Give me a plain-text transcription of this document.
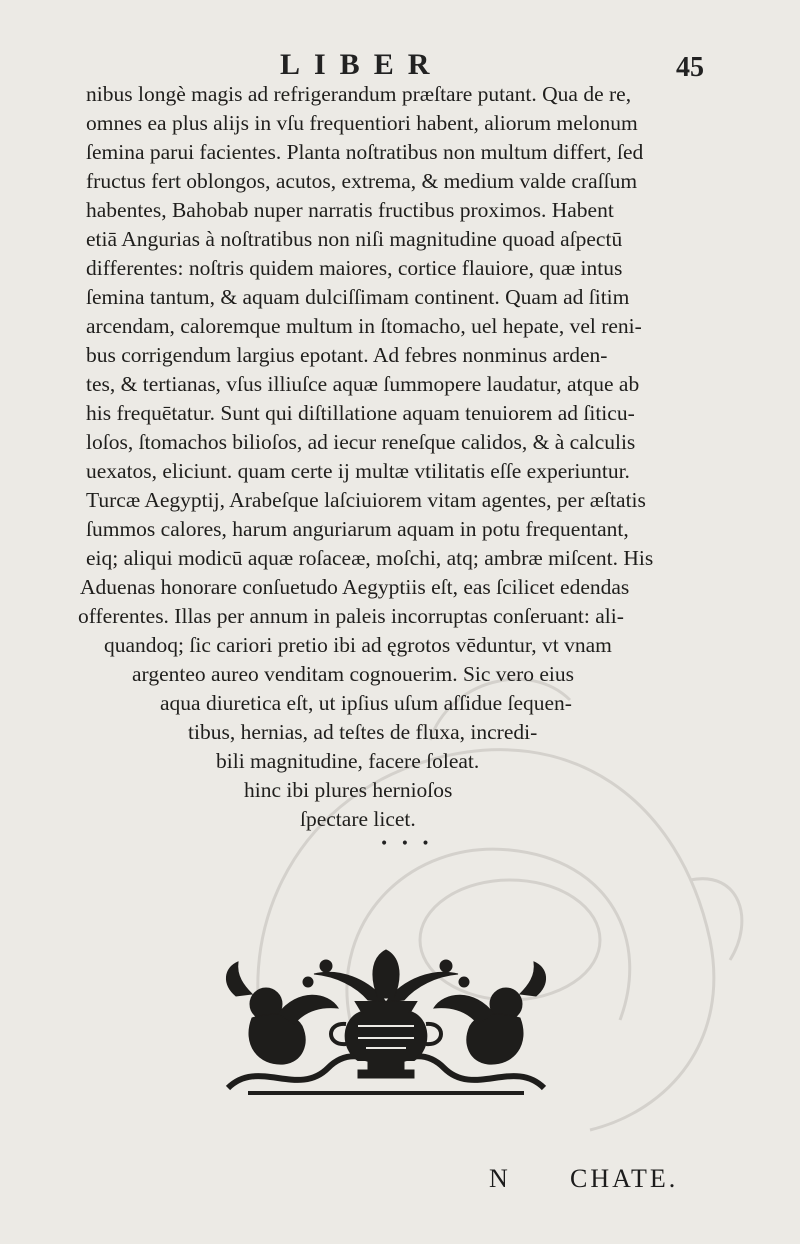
LIBER	45
nibus longè magis ad refrigerandum præſtare putant. Qua de re,
omnes ea plus alijs in vſu frequentiori habent, aliorum melonum
ſemina parui facientes. Planta noſtratibus non multum differt, ſed
fructus fert oblongos, acutos, extrema, & medium valde craſſum
habentes, Bahobab nuper narratis fructibus proximos. Habent
etiā Angurias à noſtratibus non niſi magnitudine quoad aſpectū
differentes: noſtris quidem maiores, cortice flauiore, quæ intus
ſemina tantum, & aquam dulciſſimam continent. Quam ad ſitim
arcendam, caloremque multum in ſtomacho, uel hepate, vel reni-
bus corrigendum largius epotant. Ad febres nonminus arden-
tes, & tertianas, vſus illiuſce aquæ ſummopere laudatur, atque ab
his frequētatur. Sunt qui diſtillatione aquam tenuiorem ad ſiticu-
loſos, ſtomachos bilioſos, ad iecur reneſque calidos, & à calculis
uexatos, eliciunt. quam certe ij multæ vtilitatis eſſe experiuntur.
Turcæ Aegyptij, Arabeſque laſciuiorem vitam agentes, per æſtatis
ſummos calores, harum anguriarum aquam in potu frequentant,
eiq; aliqui modicū aquæ roſaceæ, moſchi, atq; ambræ miſcent. His
Aduenas honorare conſuetudo Aegyptiis eſt, eas ſcilicet edendas
offerentes. Illas per annum in paleis incorruptas conſeruant: ali-
quandoq; ſic cariori pretio ibi ad ęgrotos vēduntur, vt vnam
argenteo aureo venditam cognouerim. Sic vero eius
aqua diuretica eſt, ut ipſius uſum aſſidue ſequen-
tibus, hernias, ad teſtes de fluxa, incredi-
bili magnitudine, facere ſoleat.
hinc ibi plures hernioſos
ſpectare licet.
• • •
N CHATE.
